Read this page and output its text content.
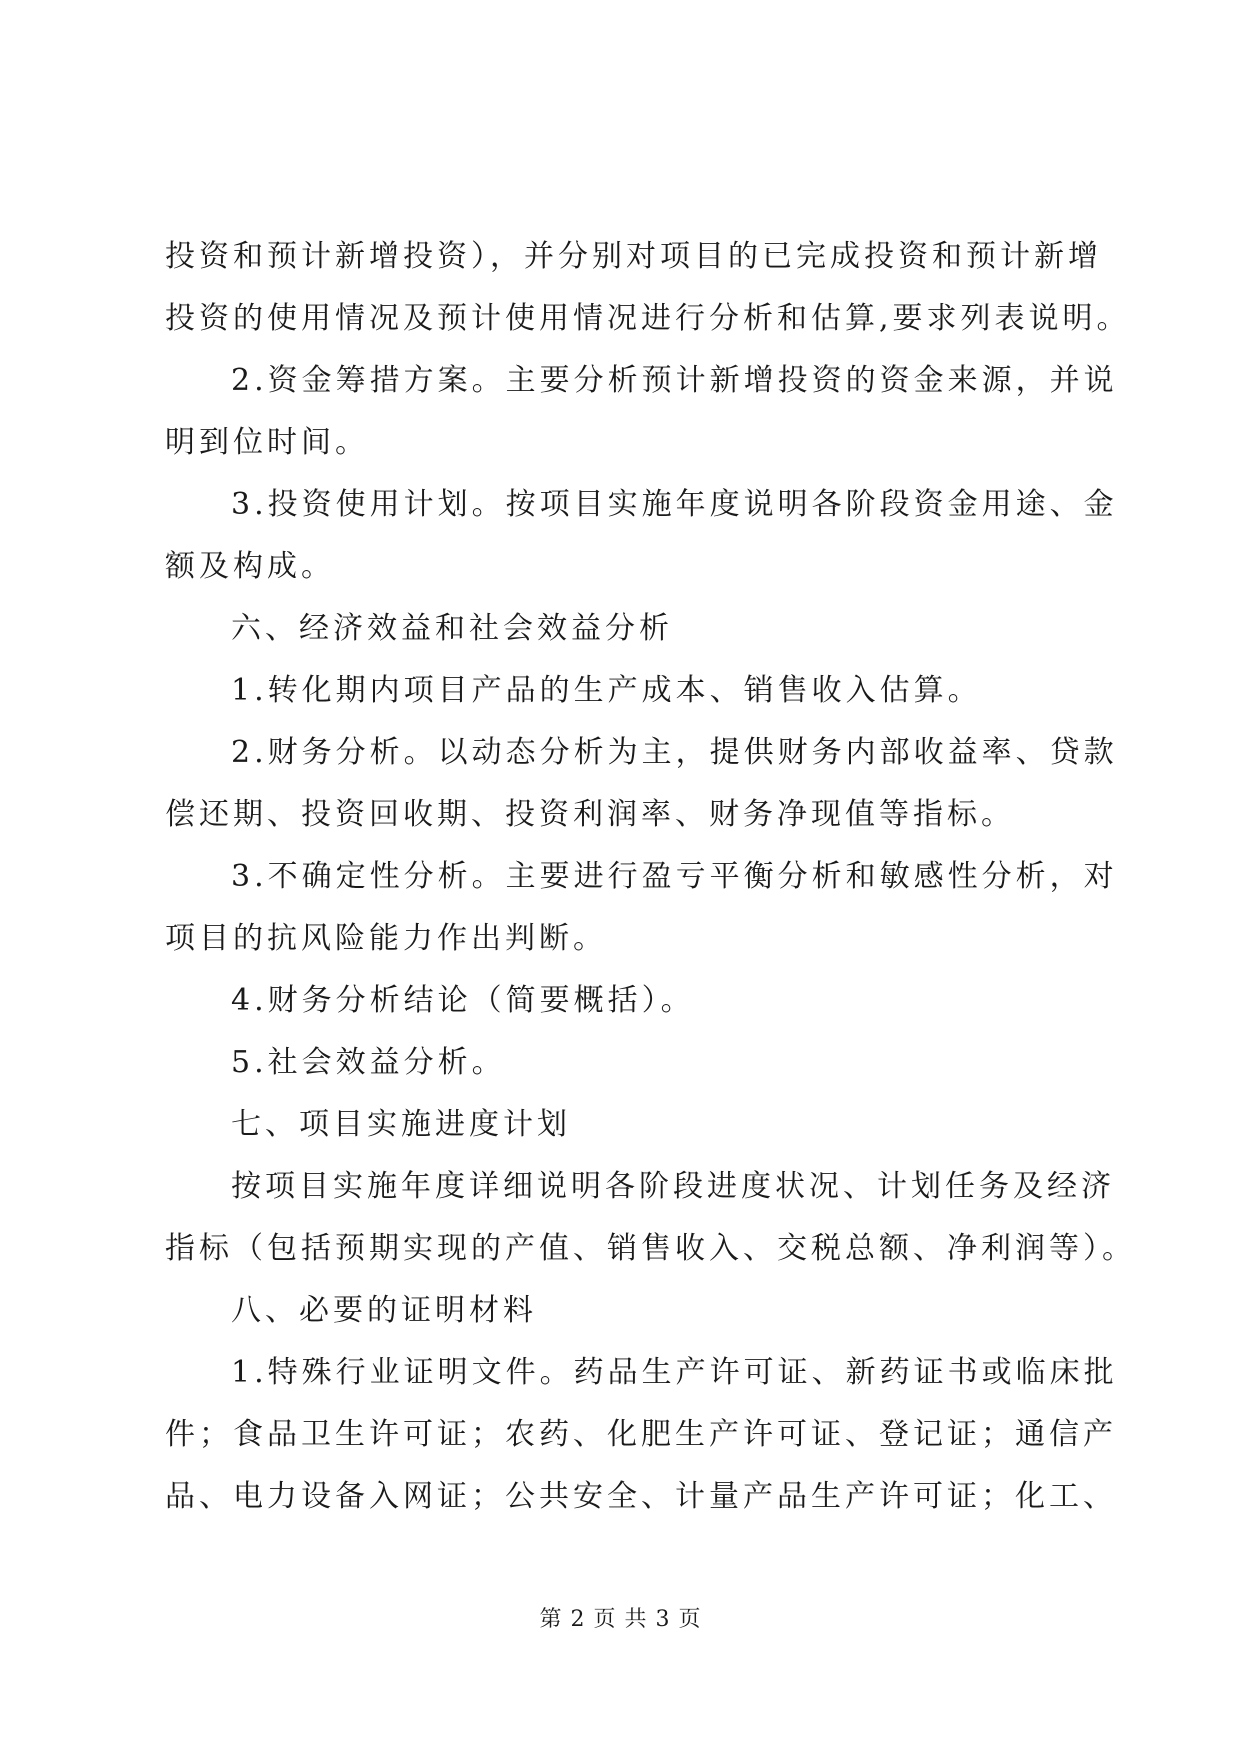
投资和预计新增投资），并分别对项目的已完成投资和预计新增
投资的使用情况及预计使用情况进行分析和估算,要求列表说明。
2.资金筹措方案。主要分析预计新增投资的资金来源，并说
明到位时间。
3.投资使用计划。按项目实施年度说明各阶段资金用途、金
额及构成。
六、经济效益和社会效益分析
1.转化期内项目产品的生产成本、销售收入估算。
2.财务分析。以动态分析为主，提供财务内部收益率、贷款
偿还期、投资回收期、投资利润率、财务净现值等指标。
3.不确定性分析。主要进行盈亏平衡分析和敏感性分析，对
项目的抗风险能力作出判断。
4.财务分析结论（简要概括）。
5.社会效益分析。
七、项目实施进度计划
按项目实施年度详细说明各阶段进度状况、计划任务及经济
指标（包括预期实现的产值、销售收入、交税总额、净利润等）。
八、必要的证明材料
1.特殊行业证明文件。药品生产许可证、新药证书或临床批
件；食品卫生许可证；农药、化肥生产许可证、登记证；通信产
品、电力设备入网证；公共安全、计量产品生产许可证；化工、
第 2 页 共 3 页
